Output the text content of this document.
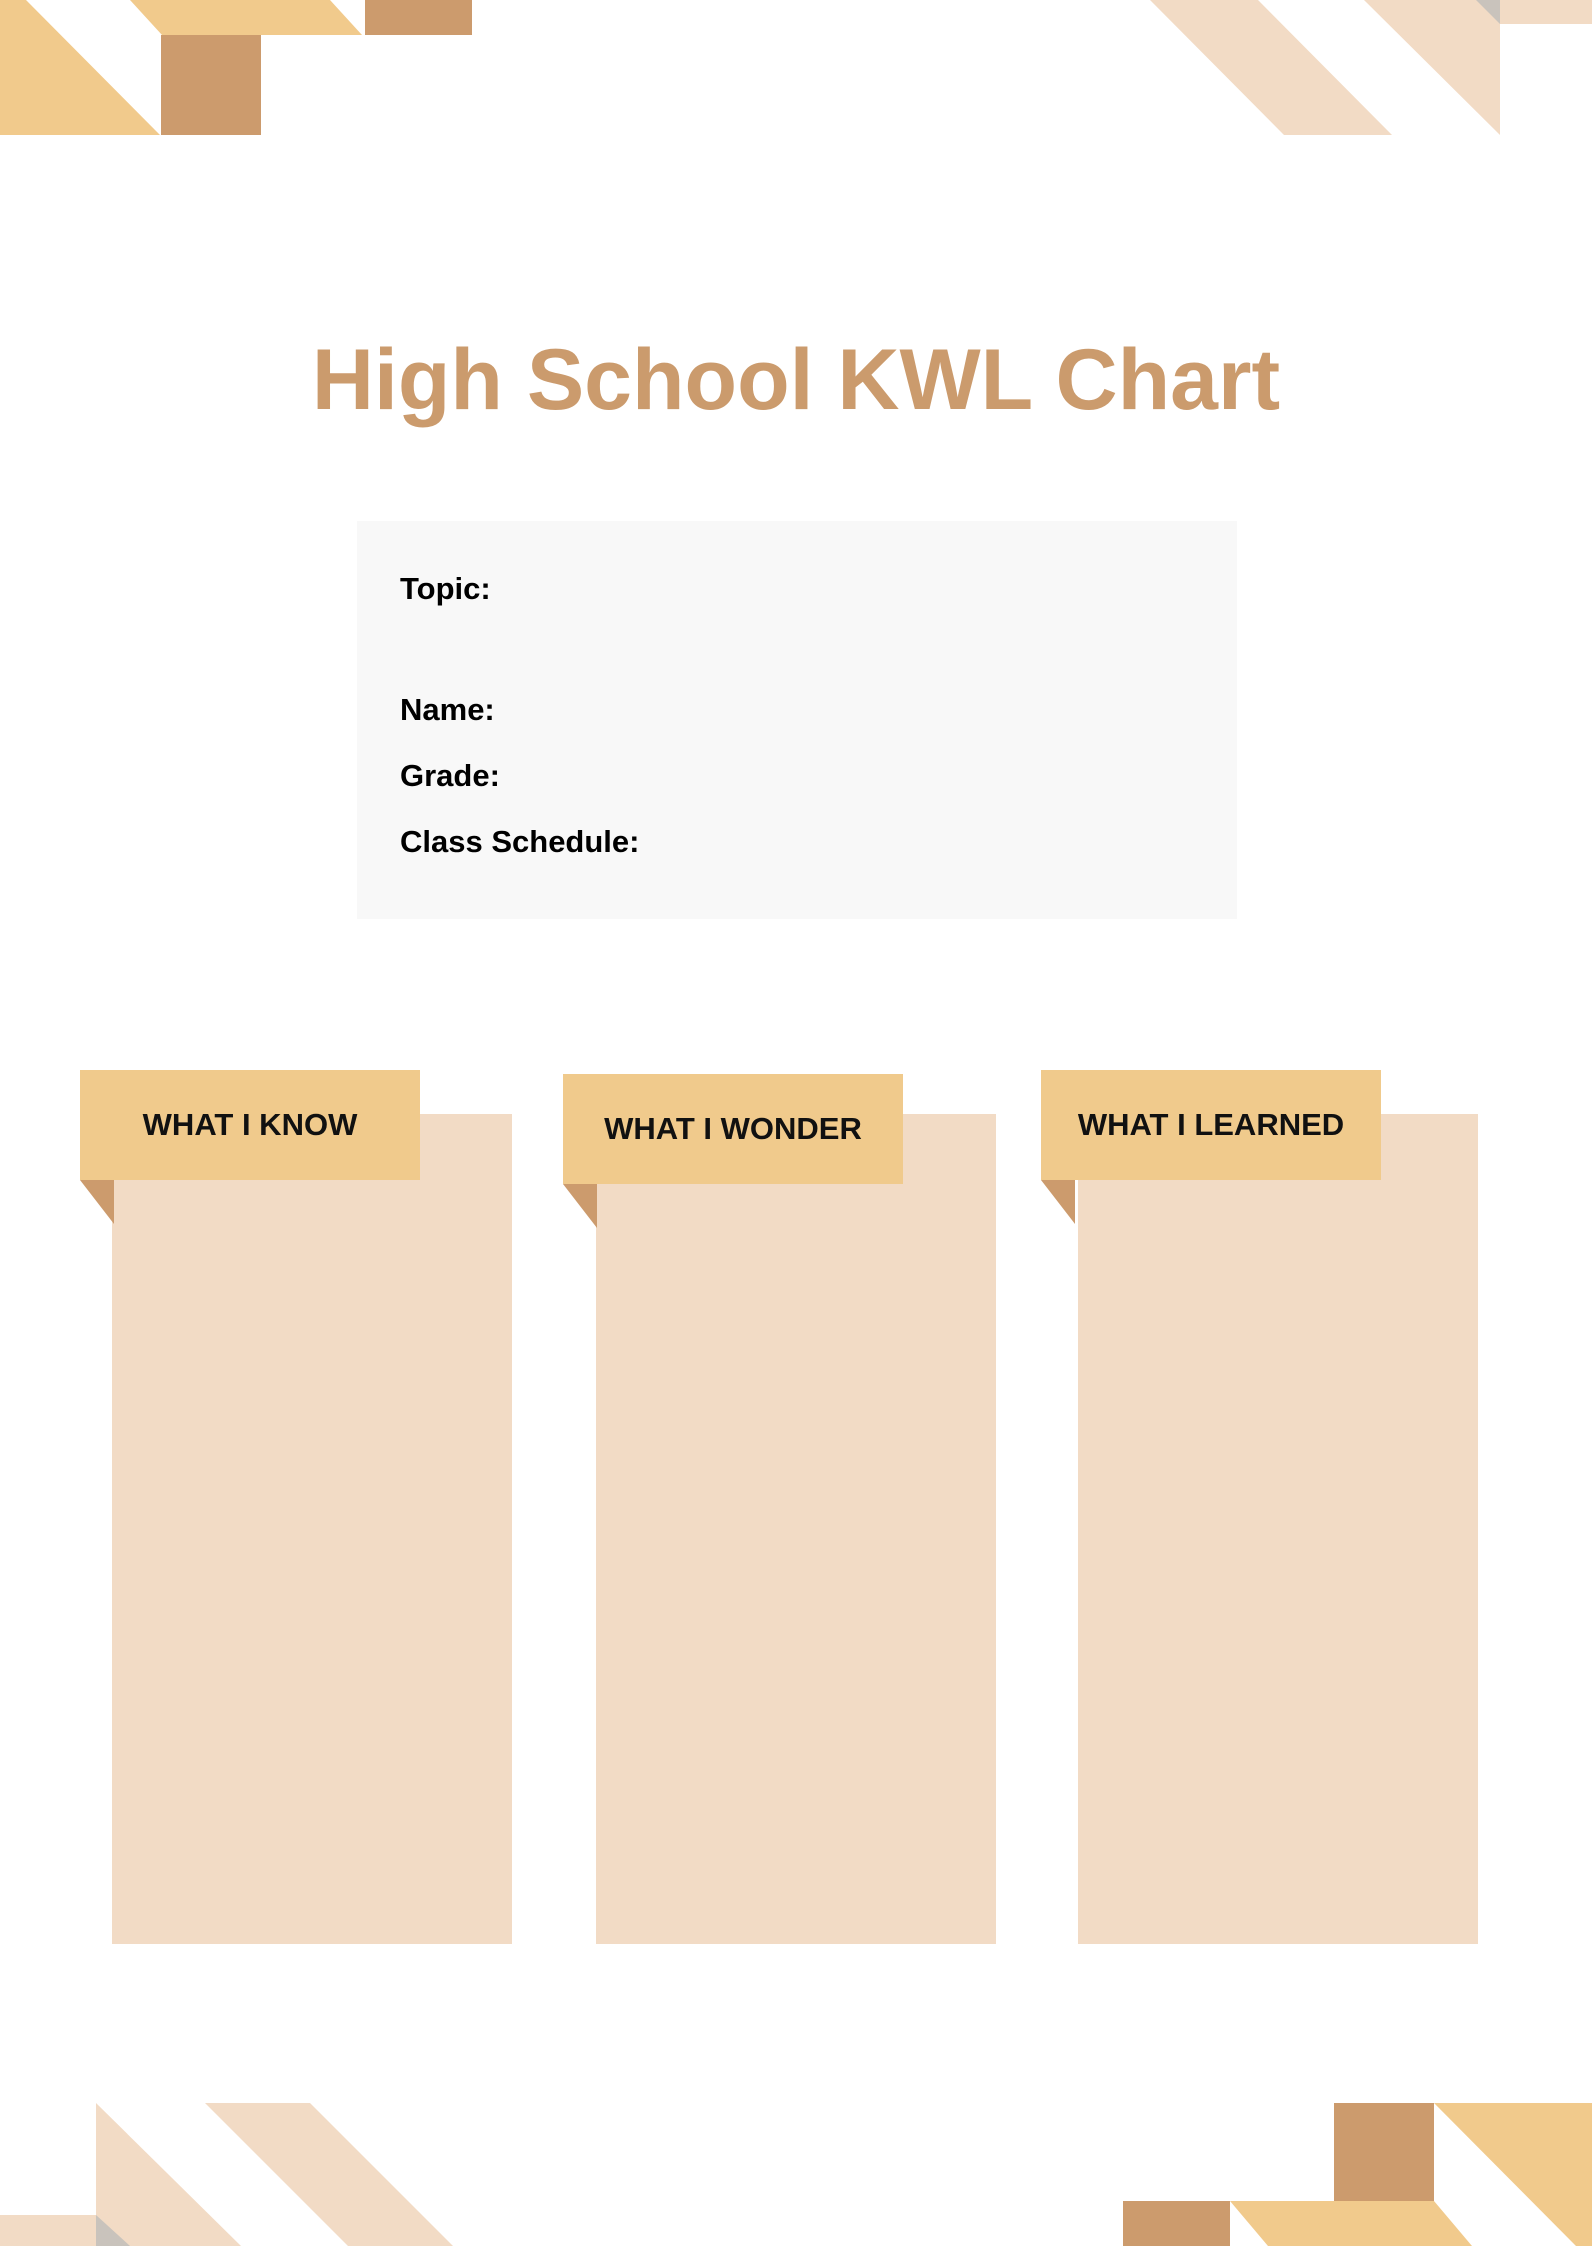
High School KWL Chart
Topic:
Name:
Grade:
Class Schedule:
WHAT I KNOW	WHAT I WONDER	WHAT I LEARNED
